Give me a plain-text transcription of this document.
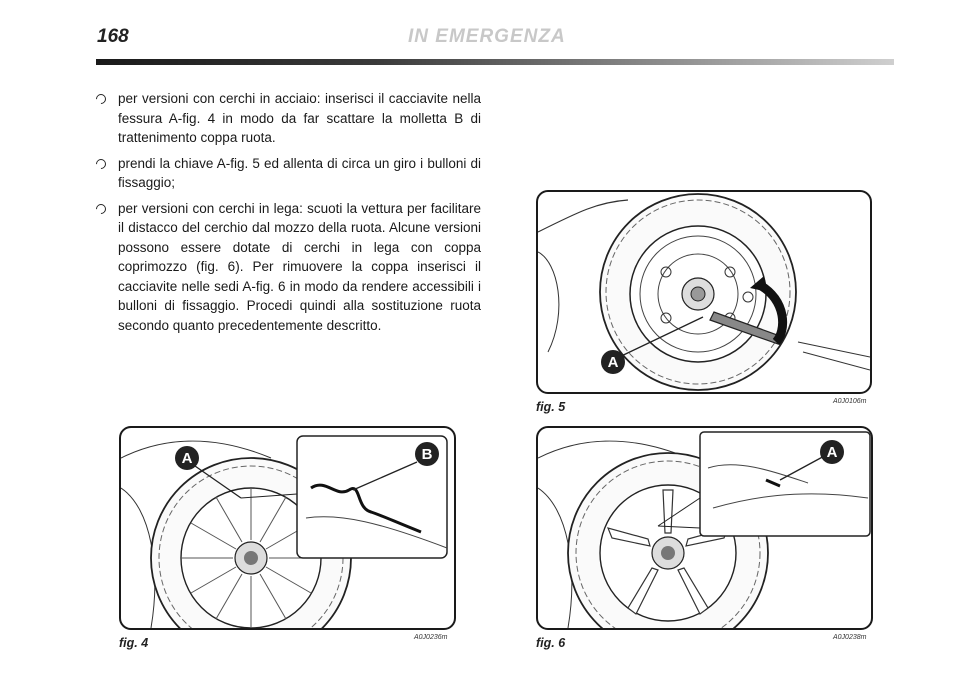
168	IN EMERGENZA
per versioni con cerchi in acciaio: inserisci il cacciavite nella fessura A-fig. 4 in modo da far scattare la molletta B di trattenimento coppa ruota.
prendi la chiave A-fig. 5 ed allenta di circa un giro i bulloni di fissaggio;
per versioni con cerchi in lega: scuoti la vettura per facilitare il distacco del cerchio dal mozzo della ruota. Alcune versioni possono essere dotate di cerchi in lega con coppa coprimozzo (fig. 6). Per rimuovere la coppa inserisci il cacciavite nelle sedi A-fig. 6 in modo da rendere accessibili i bulloni di fissaggio. Procedi quindi alla sostituzione ruota secondo quanto precedentemente descritto.
A
fig. 5	A0J0106m
A	B
fig. 4	A0J0236m
A
fig. 6	A0J0238m
